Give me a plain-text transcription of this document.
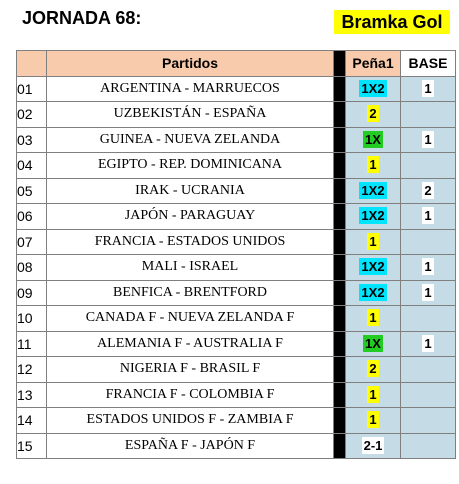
JORNADA 68:	Bramka Gol
	Partidos		Peña1	BASE
01	ARGENTINA - MARRUECOS		1X2	1
02	UZBEKISTÁN - ESPAÑA		2	
03	GUINEA - NUEVA ZELANDA		1X	1
04	EGIPTO - REP. DOMINICANA		1	
05	IRAK - UCRANIA		1X2	2
06	JAPÓN - PARAGUAY		1X2	1
07	FRANCIA - ESTADOS UNIDOS		1	
08	MALI - ISRAEL		1X2	1
09	BENFICA - BRENTFORD		1X2	1
10	CANADA F - NUEVA ZELANDA F		1	
11	ALEMANIA F - AUSTRALIA F		1X	1
12	NIGERIA F - BRASIL F		2	
13	FRANCIA F - COLOMBIA F		1	
14	ESTADOS UNIDOS F - ZAMBIA F		1	
15	ESPAÑA F - JAPÓN F		2-1	
